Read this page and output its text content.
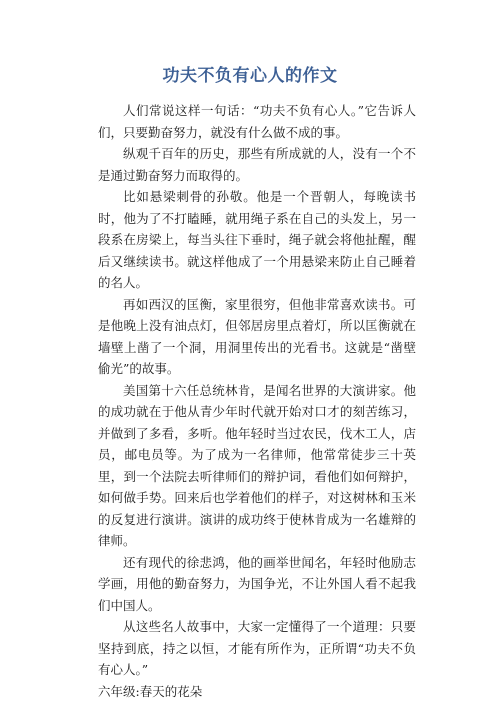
功夫不负有心人的作文

人们常说这样一句话：“功夫不负有心人。”它告诉人们，只要勤奋努力，就没有什么做不成的事。

纵观千百年的历史，那些有所成就的人，没有一个不是通过勤奋努力而取得的。

比如悬梁刺骨的孙敬。他是一个晋朝人，每晚读书时，他为了不打瞌睡，就用绳子系在自己的头发上，另一段系在房梁上，每当头往下垂时，绳子就会将他扯醒，醒后又继续读书。就这样他成了一个用悬梁来防止自己睡着的名人。

再如西汉的匡衡，家里很穷，但他非常喜欢读书。可是他晚上没有油点灯，但邻居房里点着灯，所以匡衡就在墙壁上凿了一个洞，用洞里传出的光看书。这就是“凿壁偷光”的故事。

美国第十六任总统林肯，是闻名世界的大演讲家。他的成功就在于他从青少年时代就开始对口才的刻苦练习，并做到了多看，多听。他年轻时当过农民，伐木工人，店员，邮电员等。为了成为一名律师，他常常徒步三十英里，到一个法院去听律师们的辩护词，看他们如何辩护，如何做手势。回来后也学着他们的样子，对这树林和玉米的反复进行演讲。演讲的成功终于使林肯成为一名雄辩的律师。

还有现代的徐悲鸿，他的画举世闻名，年轻时他励志学画，用他的勤奋努力，为国争光，不让外国人看不起我们中国人。

从这些名人故事中，大家一定懂得了一个道理：只要坚持到底，持之以恒，才能有所作为，正所谓“功夫不负有心人。”

六年级:春天的花朵
